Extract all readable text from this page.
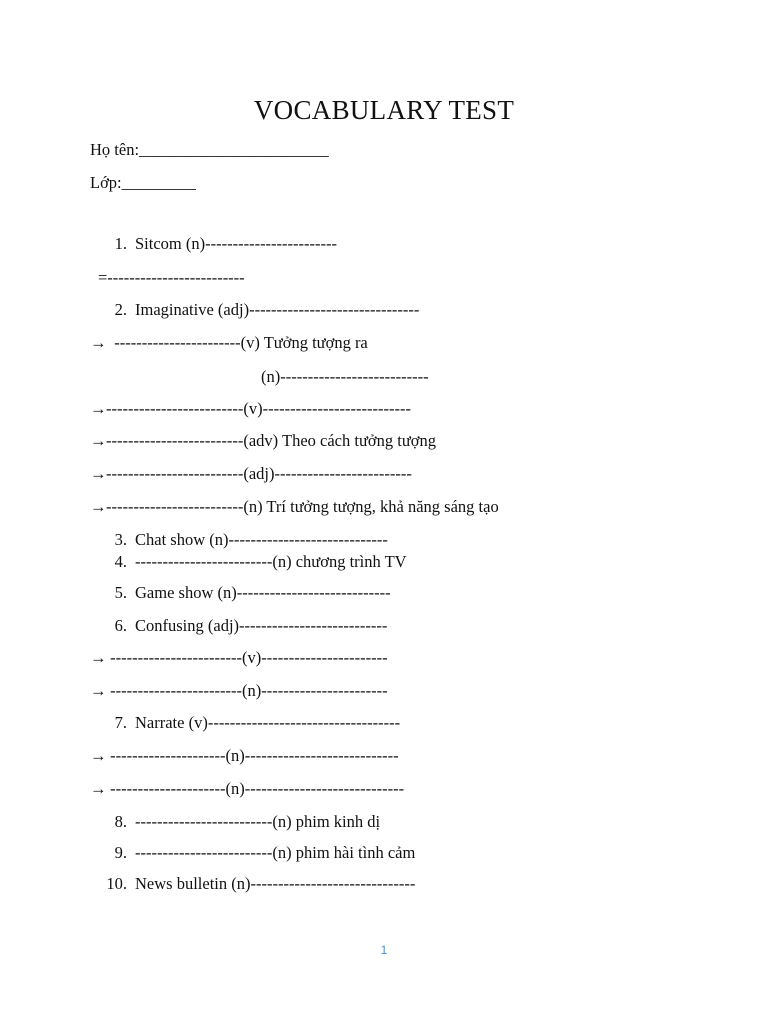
VOCABULARY TEST
Họ tên:_______________________
Lớp:_________
1. Sitcom (n)------------------------
=-------------------------
2. Imaginative (adj)-------------------------------
→  -----------------------(v) Tưởng tượng ra
(n)---------------------------
→-------------------------(v)---------------------------
→-------------------------(adv) Theo cách tưởng tượng
→-------------------------(adj)-------------------------
→-------------------------(n) Trí tưởng tượng, khả năng sáng tạo
3. Chat show (n)-----------------------------
4. -------------------------(n) chương trình TV
5. Game show (n)----------------------------
6. Confusing (adj)---------------------------
→ ------------------------(v)-----------------------
→ ------------------------(n)-----------------------
7. Narrate (v)-----------------------------------
→ ---------------------(n)----------------------------
→ ---------------------(n)-----------------------------
8. -------------------------(n) phim kinh dị
9. -------------------------(n) phim hài tình cảm
10. News bulletin (n)------------------------------
1
